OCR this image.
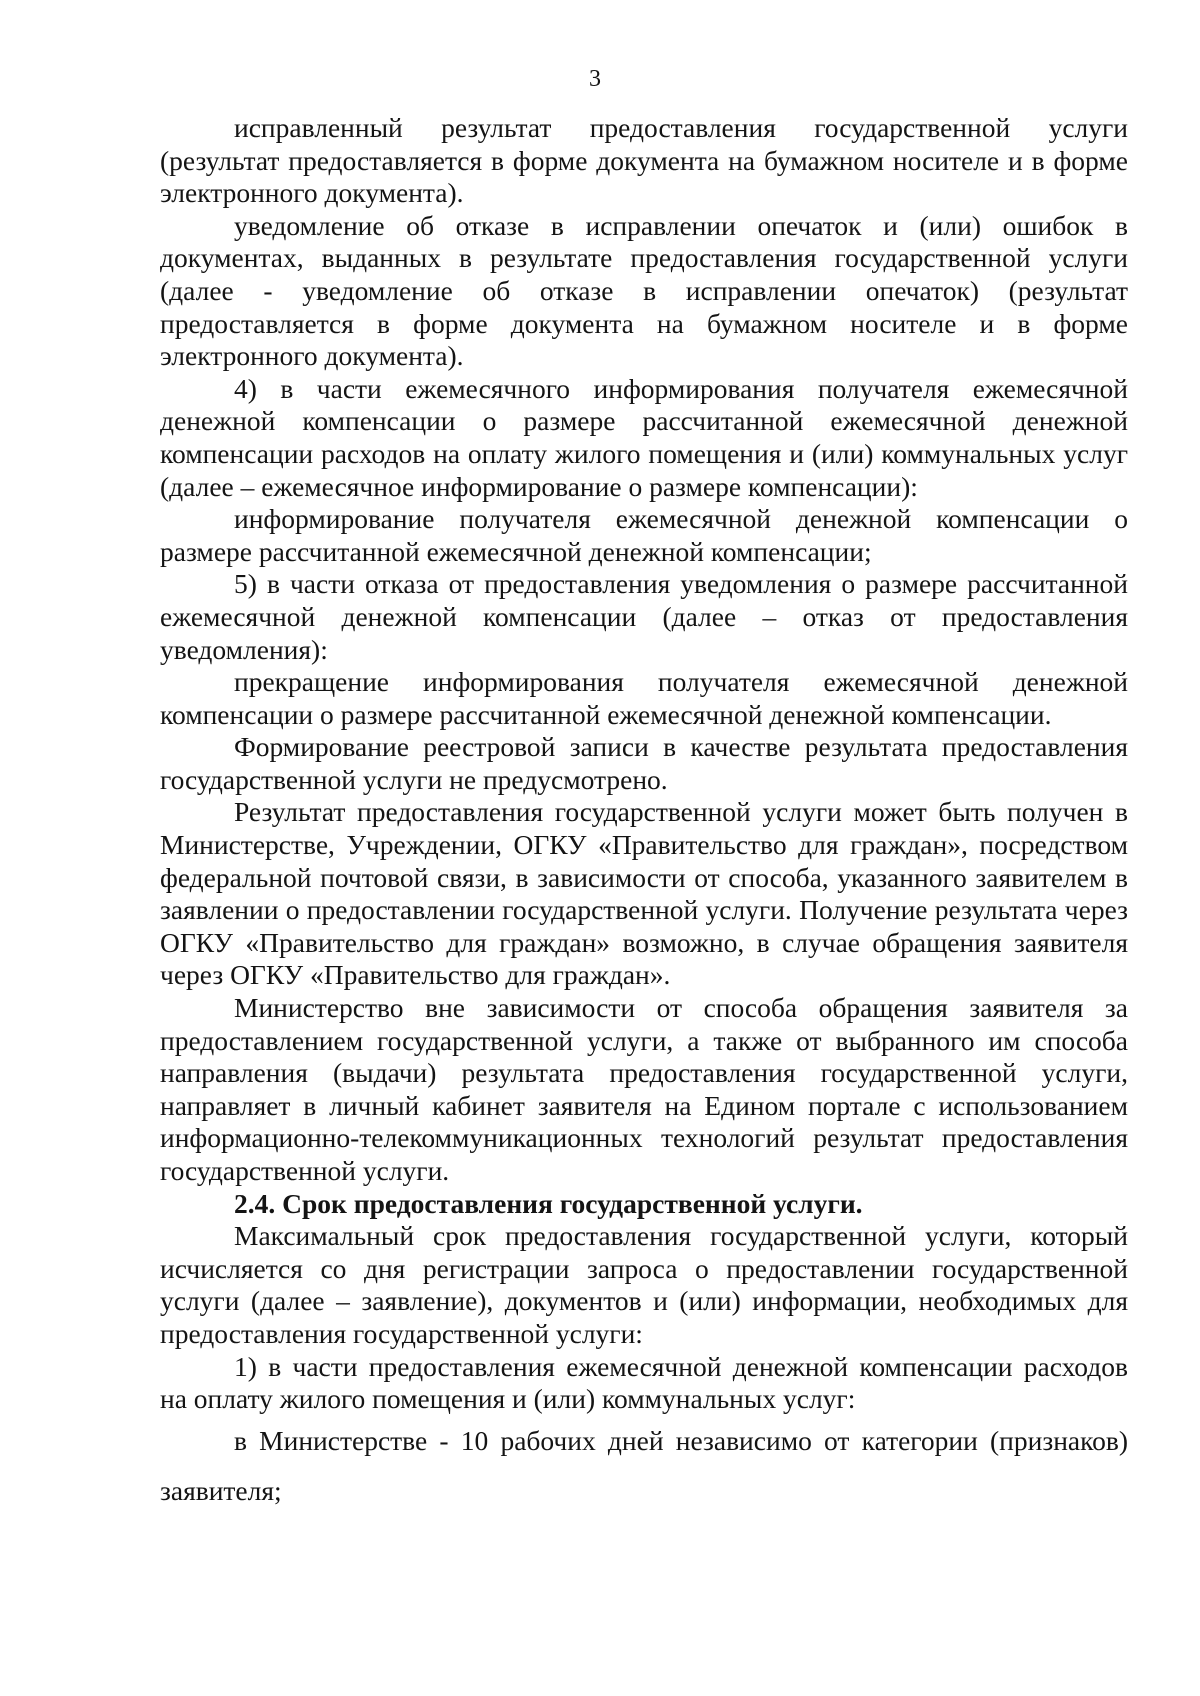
3

исправленный результат предоставления государственной услуги (результат предоставляется в форме документа на бумажном носителе и в форме электронного документа).

уведомление об отказе в исправлении опечаток и (или) ошибок в документах, выданных в результате предоставления государственной услуги (далее - уведомление об отказе в исправлении опечаток) (результат предоставляется в форме документа на бумажном носителе и в форме электронного документа).

4) в части ежемесячного информирования получателя ежемесячной денежной компенсации о размере рассчитанной ежемесячной денежной компенсации расходов на оплату жилого помещения и (или) коммунальных услуг (далее – ежемесячное информирование о размере компенсации):

информирование получателя ежемесячной денежной компенсации о размере рассчитанной ежемесячной денежной компенсации;

5) в части отказа от предоставления уведомления о размере рассчитанной ежемесячной денежной компенсации (далее – отказ от предоставления уведомления):

прекращение информирования получателя ежемесячной денежной компенсации о размере рассчитанной ежемесячной денежной компенсации.

Формирование реестровой записи в качестве результата предоставления государственной услуги не предусмотрено.

Результат предоставления государственной услуги может быть получен в Министерстве, Учреждении, ОГКУ «Правительство для граждан», посредством федеральной почтовой связи, в зависимости от способа, указанного заявителем в заявлении о предоставлении государственной услуги. Получение результата через ОГКУ «Правительство для граждан» возможно, в случае обращения заявителя через ОГКУ «Правительство для граждан».

Министерство вне зависимости от способа обращения заявителя за предоставлением государственной услуги, а также от выбранного им способа направления (выдачи) результата предоставления государственной услуги, направляет в личный кабинет заявителя на Едином портале с использованием информационно-телекоммуникационных технологий результат предоставления государственной услуги.

2.4. Срок предоставления государственной услуги.

Максимальный срок предоставления государственной услуги, который исчисляется со дня регистрации запроса о предоставлении государственной услуги (далее – заявление), документов и (или) информации, необходимых для предоставления государственной услуги:

1) в части предоставления ежемесячной денежной компенсации расходов на оплату жилого помещения и (или) коммунальных услуг:

в Министерстве - 10 рабочих дней независимо от категории (признаков) заявителя;
